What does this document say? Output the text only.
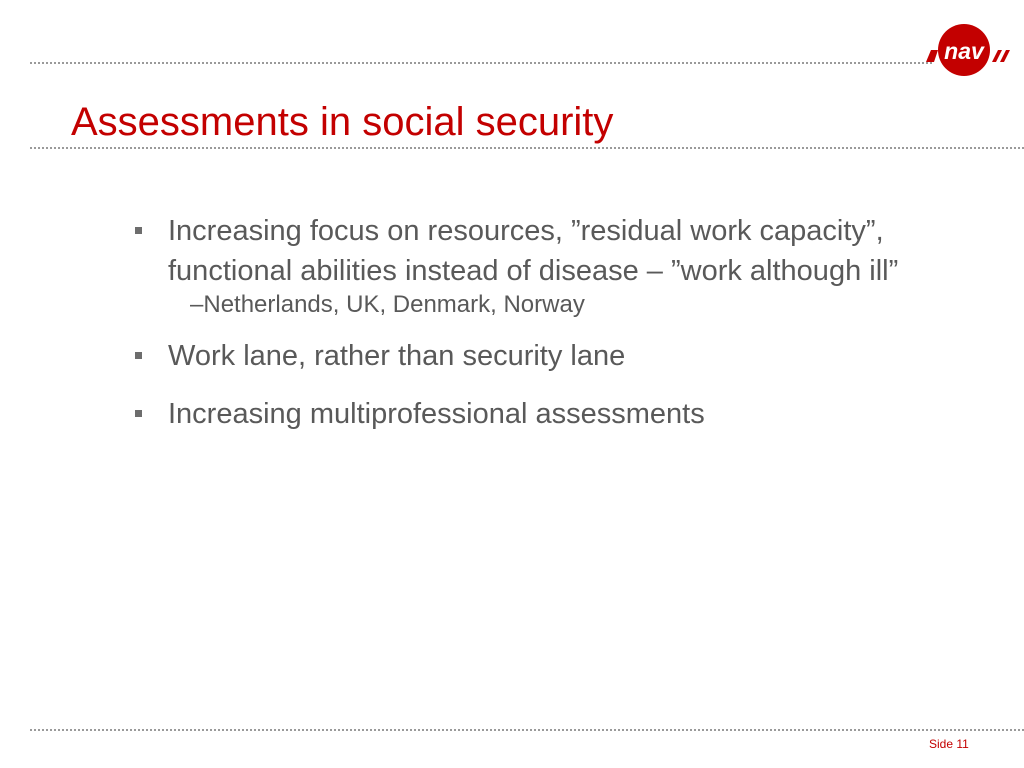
nav
Assessments in social security
Increasing focus on resources, ”residual work capacity”, functional abilities instead of disease – ”work although ill”
–Netherlands, UK, Denmark, Norway
Work lane, rather than security lane
Increasing multiprofessional assessments
Side 11
